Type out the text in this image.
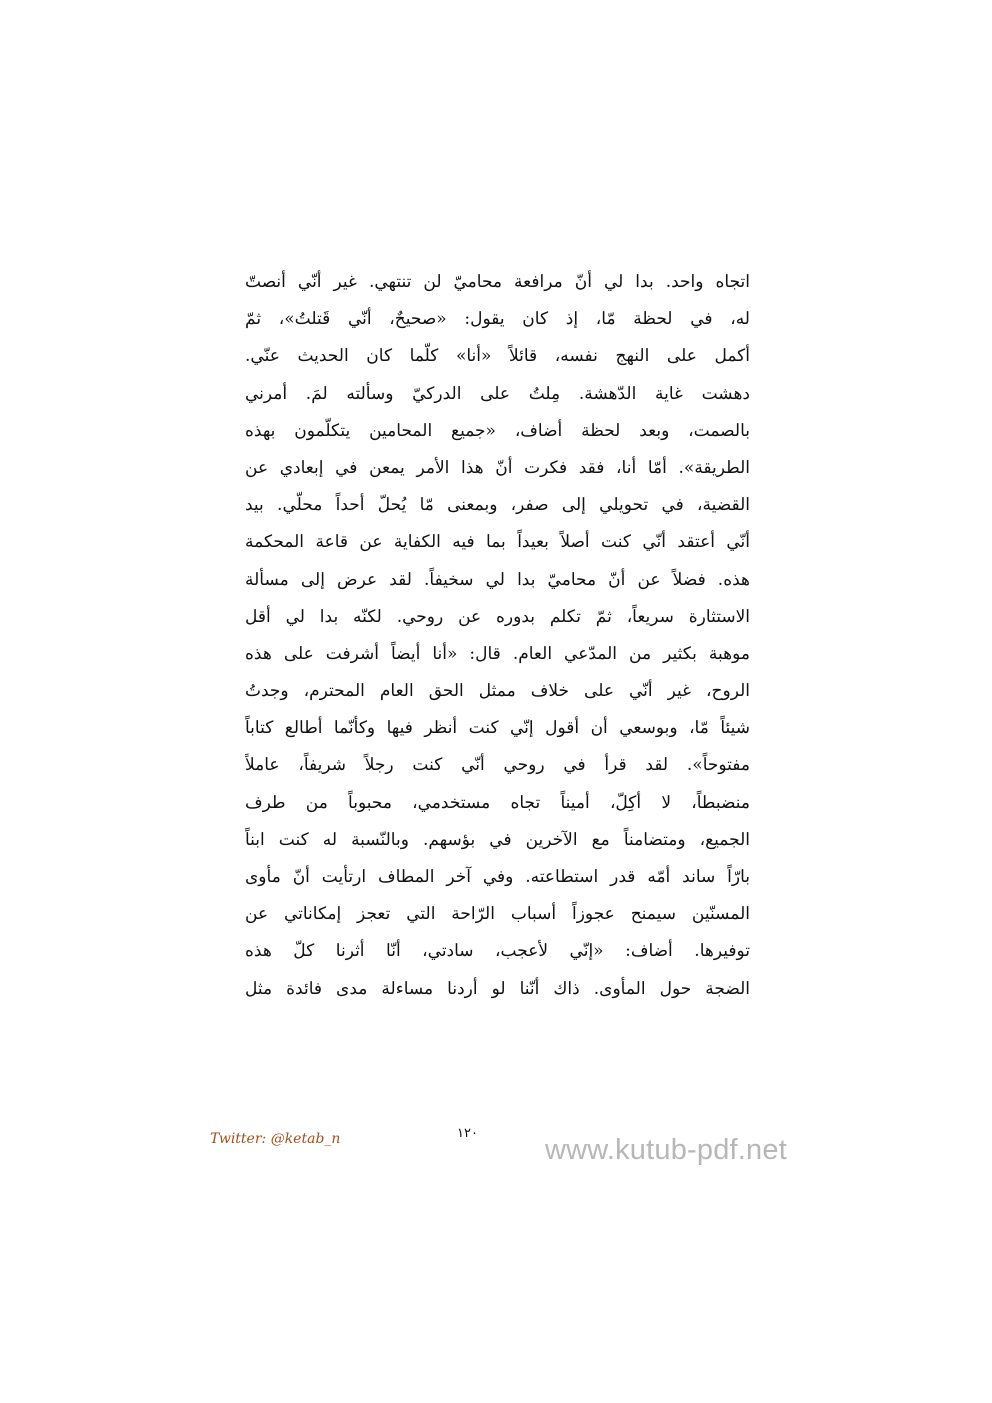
اتجاه واحد. بدا لي أنّ مرافعة محاميّ لن تنتهي. غير أنّي أنصتّ
له، في لحظة مّا، إذ كان يقول: «صحيحٌ، أنّي قَتلتُ»، ثمّ
أكمل على النهج نفسه، قائلاً «أنا» كلّما كان الحديث عنّي.
دهشت غاية الدّهشة. مِلتُ على الدركيّ وسألته لمَ. أمرني
بالصمت، وبعد لحظة أضاف، «جميع المحامين يتكلّمون بهذه
الطريقة». أمّا أنا، فقد فكرت أنّ هذا الأمر يمعن في إبعادي عن
القضية، في تحويلي إلى صفر، وبمعنى مّا يُحلّ أحداً محلّي. بيد
أنّي أعتقد أنّي كنت أصلاً بعيداً بما فيه الكفاية عن قاعة المحكمة
هذه. فضلاً عن أنّ محاميّ بدا لي سخيفاً. لقد عرض إلى مسألة
الاستثارة سريعاً، ثمّ تكلم بدوره عن روحي. لكنّه بدا لي أقل
موهبة بكثير من المدّعي العام. قال: «أنا أيضاً أشرفت على هذه
الروح، غير أنّي على خلاف ممثل الحق العام المحترم، وجدتُ
شيئاً مّا، وبوسعي أن أقول إنّي كنت أنظر فيها وكأنّما أطالع كتاباً
مفتوحاً». لقد قرأ في روحي أنّي كنت رجلاً شريفاً، عاملاً
منضبطاً، لا أكِلّ، أميناً تجاه مستخدمي، محبوباً من طرف
الجميع، ومتضامناً مع الآخرين في بؤسهم. وبالنّسبة له كنت ابناً
بارّاً ساند أمّه قدر استطاعته. وفي آخر المطاف ارتأيت أنّ مأوى
المسنّين سيمنح عجوزاً أسباب الرّاحة التي تعجز إمكاناتي عن
توفيرها. أضاف: «إنّي لأعجب، سادتي، أنّا أثرنا كلّ هذه
الضجة حول المأوى. ذاك أنّنا لو أردنا مساءلة مدى فائدة مثل
Twitter: @ketab_n	١٢٠
www.kutub-pdf.net
